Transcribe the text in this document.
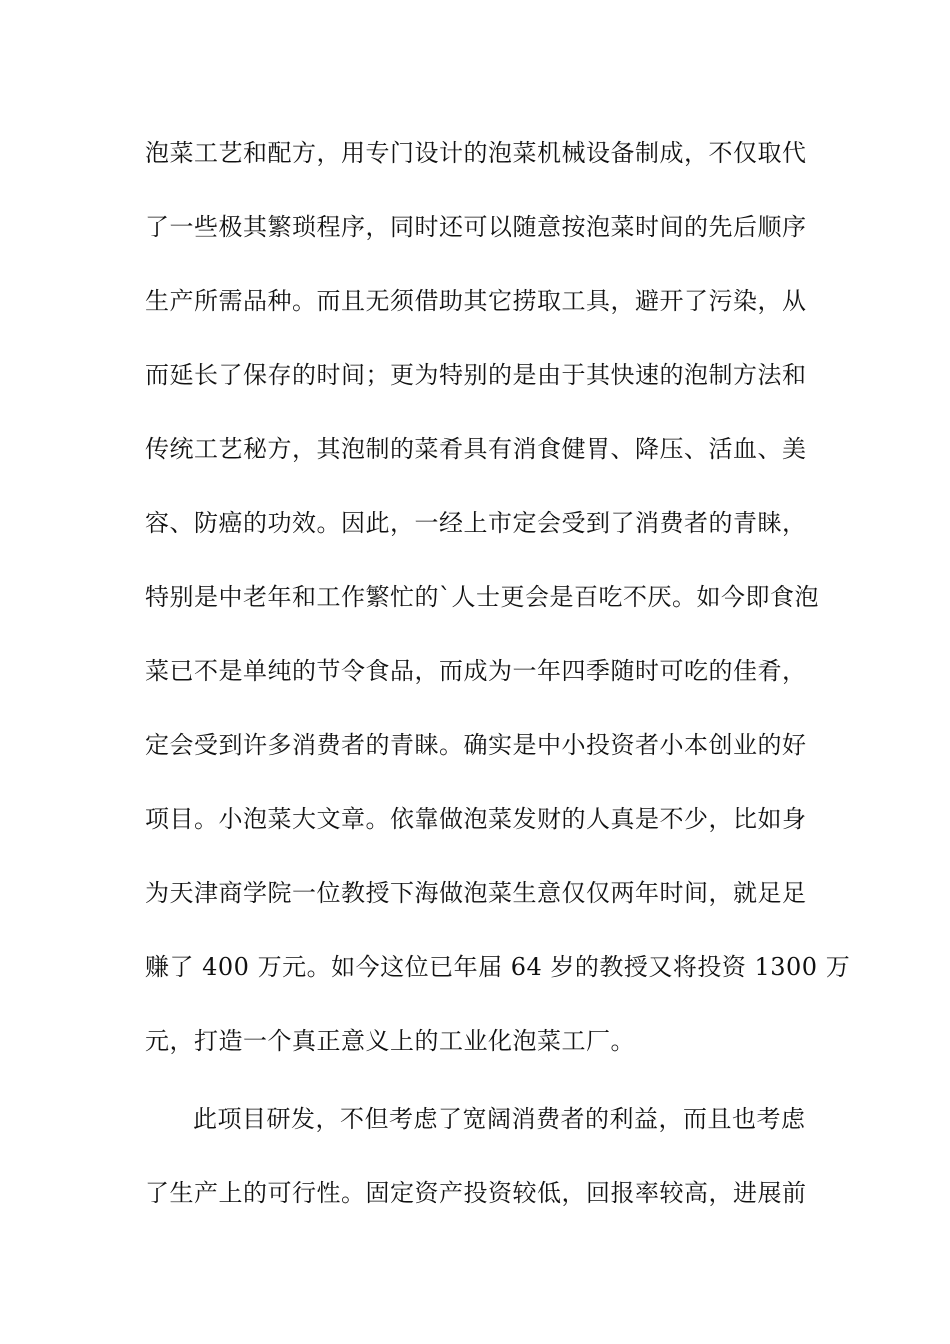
泡菜工艺和配方，用专门设计的泡菜机械设备制成，不仅取代
了一些极其繁琐程序，同时还可以随意按泡菜时间的先后顺序
生产所需品种。而且无须借助其它捞取工具，避开了污染，从
而延长了保存的时间；更为特别的是由于其快速的泡制方法和
传统工艺秘方，其泡制的菜肴具有消食健胃、降压、活血、美
容、防癌的功效。因此，一经上市定会受到了消费者的青睐，
特别是中老年和工作繁忙的`人士更会是百吃不厌。如今即食泡
菜已不是单纯的节令食品，而成为一年四季随时可吃的佳肴，
定会受到许多消费者的青睐。确实是中小投资者小本创业的好
项目。小泡菜大文章。依靠做泡菜发财的人真是不少，比如身
为天津商学院一位教授下海做泡菜生意仅仅两年时间，就足足
赚了 400 万元。如今这位已年届 64 岁的教授又将投资 1300 万
元，打造一个真正意义上的工业化泡菜工厂。
此项目研发，不但考虑了宽阔消费者的利益，而且也考虑
了生产上的可行性。固定资产投资较低，回报率较高，进展前
